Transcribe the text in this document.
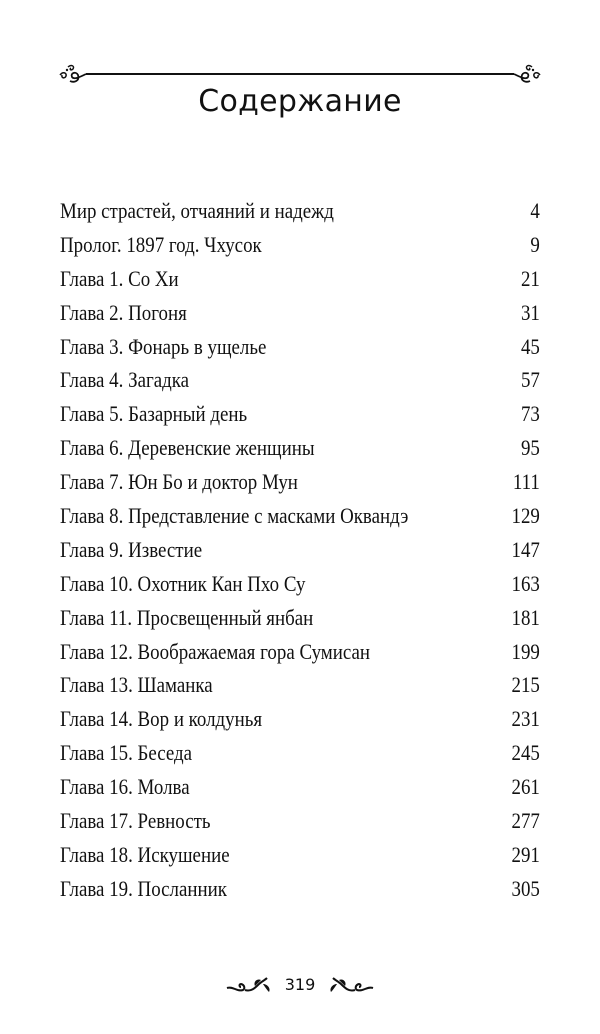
Содержание
Мир страстей, отчаяний и надежд	4
Пролог. 1897 год. Чхусок	9
Глава 1. Со Хи	21
Глава 2. Погоня	31
Глава 3. Фонарь в ущелье	45
Глава 4. Загадка	57
Глава 5. Базарный день	73
Глава 6. Деревенские женщины	95
Глава 7. Юн Бо и доктор Мун	111
Глава 8. Представление с масками Оквандэ	129
Глава 9. Известие	147
Глава 10. Охотник Кан Пхо Су	163
Глава 11. Просвещенный янбан	181
Глава 12. Воображаемая гора Сумисан	199
Глава 13. Шаманка	215
Глава 14. Вор и колдунья	231
Глава 15. Беседа	245
Глава 16. Молва	261
Глава 17. Ревность	277
Глава 18. Искушение	291
Глава 19. Посланник	305
319
